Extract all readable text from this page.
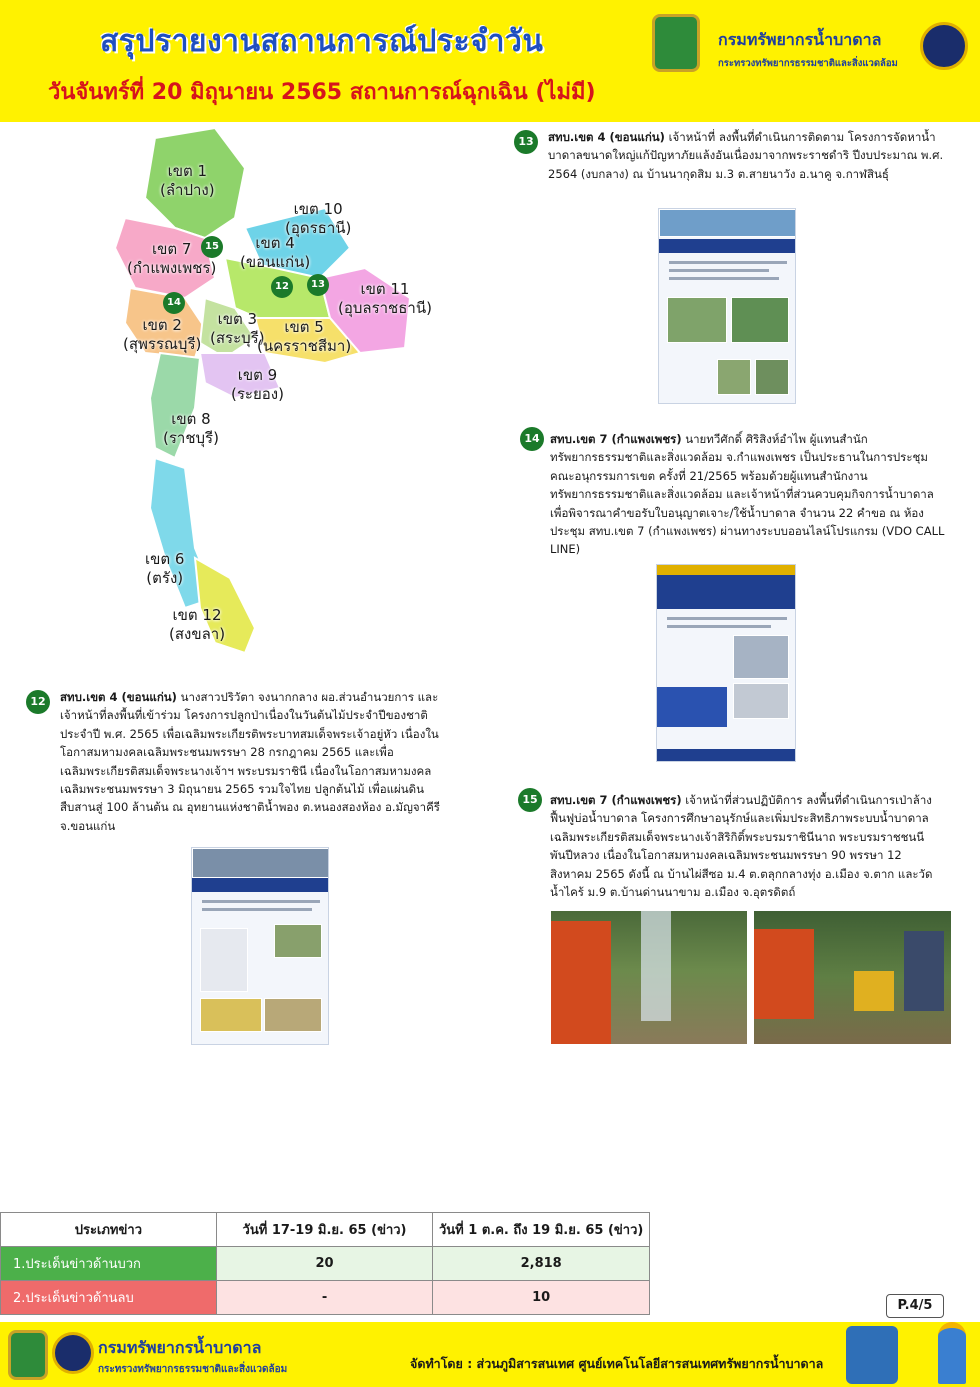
สรุปรายงานสถานการณ์ประจำวัน
วันจันทร์ที่ 20 มิถุนายน 2565 สถานการณ์ฉุกเฉิน (ไม่มี)
กรมทรัพยากรน้ำบาดาล
กระทรวงทรัพยากรธรรมชาติและสิ่งแวดล้อม
เขต 1
(ลำปาง)
เขต 10
(อุดรธานี)
เขต 7
(กำแพงเพชร)
เขต 4
(ขอนแก่น)
เขต 11
(อุบลราชธานี)
เขต 2
(สุพรรณบุรี)
เขต 3
(สระบุรี)
เขต 5
(นครราชสีมา)
เขต 9
(ระยอง)
เขต 8
(ราชบุรี)
เขต 6
(ตรัง)
เขต 12
(สงขลา)
15
14
12	13
13	สทบ.เขต 4 (ขอนแก่น) เจ้าหน้าที่ ลงพื้นที่ดำเนินการติดตาม โครงการจัดหาน้ำบาดาลขนาดใหญ่แก้ปัญหาภัยแล้งอันเนื่องมาจากพระราชดำริ ปีงบประมาณ พ.ศ. 2564 (งบกลาง) ณ บ้านนากุดสิม ม.3 ต.สายนาวัง อ.นาคู จ.กาฬสินธุ์
14 สทบ.เขต 7 (กำแพงเพชร) นายทวีศักดิ์ ศิริสิงห์อำไพ ผู้แทนสำนักทรัพยากรธรรมชาติและสิ่งแวดล้อม จ.กำแพงเพชร เป็นประธานในการประชุมคณะอนุกรรมการเขต ครั้งที่ 21/2565 พร้อมด้วยผู้แทนสำนักงานทรัพยากรธรรมชาติและสิ่งแวดล้อม และเจ้าหน้าที่ส่วนควบคุมกิจการน้ำบาดาล เพื่อพิจารณาคำขอรับใบอนุญาตเจาะ/ใช้น้ำบาดาล จำนวน 22 คำขอ ณ ห้องประชุม สทบ.เขต 7 (กำแพงเพชร) ผ่านทางระบบออนไลน์โปรแกรม (VDO CALL LINE)
12	สทบ.เขต 4 (ขอนแก่น) นางสาวปริวัตา จงนากกลาง ผอ.ส่วนอำนวยการ และเจ้าหน้าที่ลงพื้นที่เข้าร่วม โครงการปลูกป่าเนื่องในวันต้นไม้ประจำปีของชาติ ประจำปี พ.ศ. 2565 เพื่อเฉลิมพระเกียรติพระบาทสมเด็จพระเจ้าอยู่หัว เนื่องในโอกาสมหามงคลเฉลิมพระชนมพรรษา 28 กรกฎาคม 2565 และเพื่อเฉลิมพระเกียรติสมเด็จพระนางเจ้าฯ พระบรมราชินี เนื่องในโอกาสมหามงคลเฉลิมพระชนมพรรษา 3 มิถุนายน 2565 รวมใจไทย ปลูกต้นไม้ เพื่อแผ่นดินสืบสานสู่ 100 ล้านต้น ณ อุทยานแห่งชาติน้ำพอง ต.หนองสองห้อง อ.มัญจาคีรี จ.ขอนแก่น
15	สทบ.เขต 7 (กำแพงเพชร) เจ้าหน้าที่ส่วนปฏิบัติการ ลงพื้นที่ดำเนินการเป่าล้างฟื้นฟูบ่อน้ำบาดาล โครงการศึกษาอนุรักษ์และเพิ่มประสิทธิภาพระบบน้ำบาดาลเฉลิมพระเกียรติสมเด็จพระนางเจ้าสิริกิติ์พระบรมราชินีนาถ พระบรมราชชนนีพันปีหลวง เนื่องในโอกาสมหามงคลเฉลิมพระชนมพรรษา 90 พรรษา 12 สิงหาคม 2565 ดังนี้ ณ บ้านไผ่สีซอ ม.4 ต.ตลุกกลางทุ่ง อ.เมือง จ.ตาก และวัดน้ำไคร้ ม.9 ต.บ้านด่านนาขาม อ.เมือง จ.อุตรดิตถ์
ประเภทข่าว	วันที่ 17-19 มิ.ย. 65 (ข่าว)	วันที่ 1 ต.ค. ถึง 19 มิ.ย. 65 (ข่าว)
1.ประเด็นข่าวด้านบวก	20	2,818
2.ประเด็นข่าวด้านลบ	-	10
P.4/5
กรมทรัพยากรน้ำบาดาล
กระทรวงทรัพยากรธรรมชาติและสิ่งแวดล้อม	จัดทำโดย : ส่วนภูมิสารสนเทศ ศูนย์เทคโนโลยีสารสนเทศทรัพยากรน้ำบาดาล
